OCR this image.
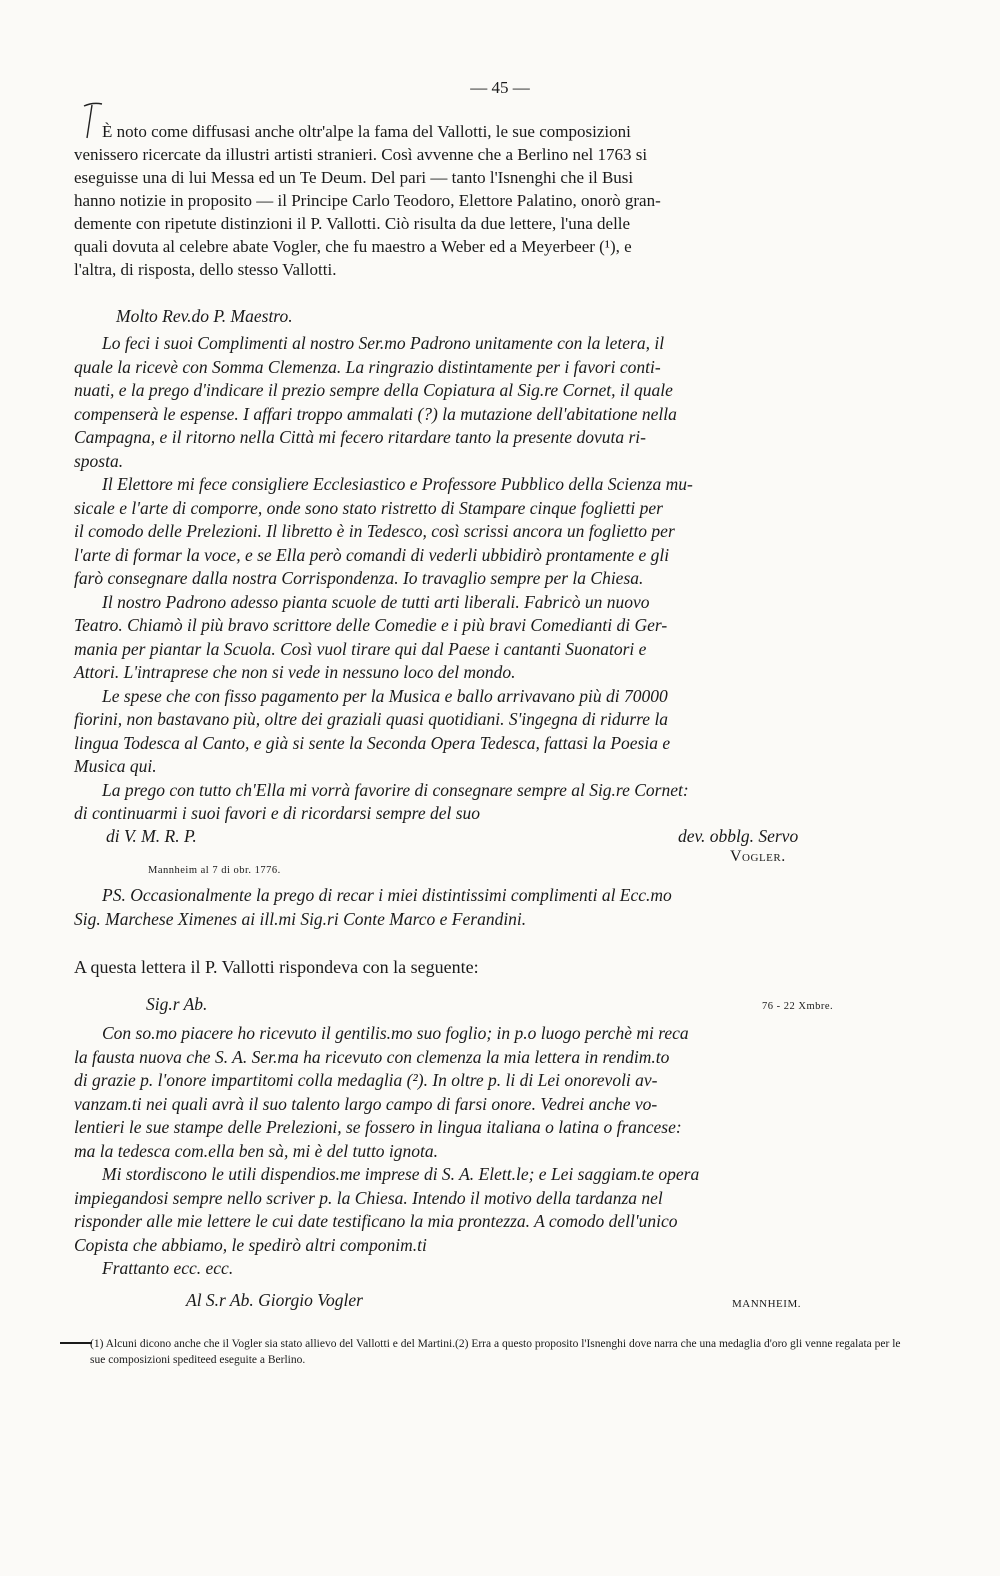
— 45 —
È noto come diffusasi anche oltr'alpe la fama del Vallotti, le sue composizioni
venissero ricercate da illustri artisti stranieri. Così avvenne che a Berlino nel 1763 si
eseguisse una di lui Messa ed un Te Deum. Del pari — tanto l'Isnenghi che il Busi
hanno notizie in proposito — il Principe Carlo Teodoro, Elettore Palatino, onorò gran-
demente con ripetute distinzioni il P. Vallotti. Ciò risulta da due lettere, l'una delle
quali dovuta al celebre abate Vogler, che fu maestro a Weber ed a Meyerbeer (¹), e
l'altra, di risposta, dello stesso Vallotti.
Molto Rev.do P. Maestro.
Lo feci i suoi Complimenti al nostro Ser.mo Padrono unitamente con la letera, il
quale la ricevè con Somma Clemenza. La ringrazio distintamente per i favori conti-
nuati, e la prego d'indicare il prezio sempre della Copiatura al Sig.re Cornet, il quale
compenserà le espense. I affari troppo ammalati (?) la mutazione dell'abitatione nella
Campagna, e il ritorno nella Città mi fecero ritardare tanto la presente dovuta ri-
sposta.
Il Elettore mi fece consigliere Ecclesiastico e Professore Pubblico della Scienza mu-
sicale e l'arte di comporre, onde sono stato ristretto di Stampare cinque foglietti per
il comodo delle Prelezioni. Il libretto è in Tedesco, così scrissi ancora un foglietto per
l'arte di formar la voce, e se Ella però comandi di vederli ubbidirò prontamente e gli
farò consegnare dalla nostra Corrispondenza. Io travaglio sempre per la Chiesa.
Il nostro Padrono adesso pianta scuole de tutti arti liberali. Fabricò un nuovo
Teatro. Chiamò il più bravo scrittore delle Comedie e i più bravi Comedianti di Ger-
mania per piantar la Scuola. Così vuol tirare qui dal Paese i cantanti Suonatori e
Attori. L'intraprese che non si vede in nessuno loco del mondo.
Le spese che con fisso pagamento per la Musica e ballo arrivavano più di 70000
fiorini, non bastavano più, oltre dei graziali quasi quotidiani. S'ingegna di ridurre la
lingua Todesca al Canto, e già si sente la Seconda Opera Tedesca, fattasi la Poesia e
Musica qui.
La prego con tutto ch'Ella mi vorrà favorire di consegnare sempre al Sig.re Cornet:
di continuarmi i suoi favori e di ricordarsi sempre del suo
di V. M. R. P.	dev. obblg. Servo
Vogler.
Mannheim al 7 di obr. 1776.
PS. Occasionalmente la prego di recar i miei distintissimi complimenti al Ecc.mo
Sig. Marchese Ximenes ai ill.mi Sig.ri Conte Marco e Ferandini.
A questa lettera il P. Vallotti rispondeva con la seguente:
Sig.r Ab.	76 - 22 Xmbre.
Con so.mo piacere ho ricevuto il gentilis.mo suo foglio; in p.o luogo perchè mi reca
la fausta nuova che S. A. Ser.ma ha ricevuto con clemenza la mia lettera in rendim.to
di grazie p. l'onore impartitomi colla medaglia (²). In oltre p. li di Lei onorevoli av-
vanzam.ti nei quali avrà il suo talento largo campo di farsi onore. Vedrei anche vo-
lentieri le sue stampe delle Prelezioni, se fossero in lingua italiana o latina o francese:
ma la tedesca com.ella ben sà, mi è del tutto ignota.
Mi stordiscono le utili dispendios.me imprese di S. A. Elett.le; e Lei saggiam.te opera
impiegandosi sempre nello scriver p. la Chiesa. Intendo il motivo della tardanza nel
risponder alle mie lettere le cui date testificano la mia prontezza. A comodo dell'unico
Copista che abbiamo, le spedirò altri componim.ti
Frattanto ecc. ecc.
Al S.r Ab. Giorgio Vogler	MANNHEIM.
(1) Alcuni dicono anche che il Vogler sia stato allievo del Vallotti e del Martini.(2) Erra a questo proposito l'Isnenghi dove narra che una medaglia d'oro gli venne regalata per le sue composizioni spediteed eseguite a Berlino.
